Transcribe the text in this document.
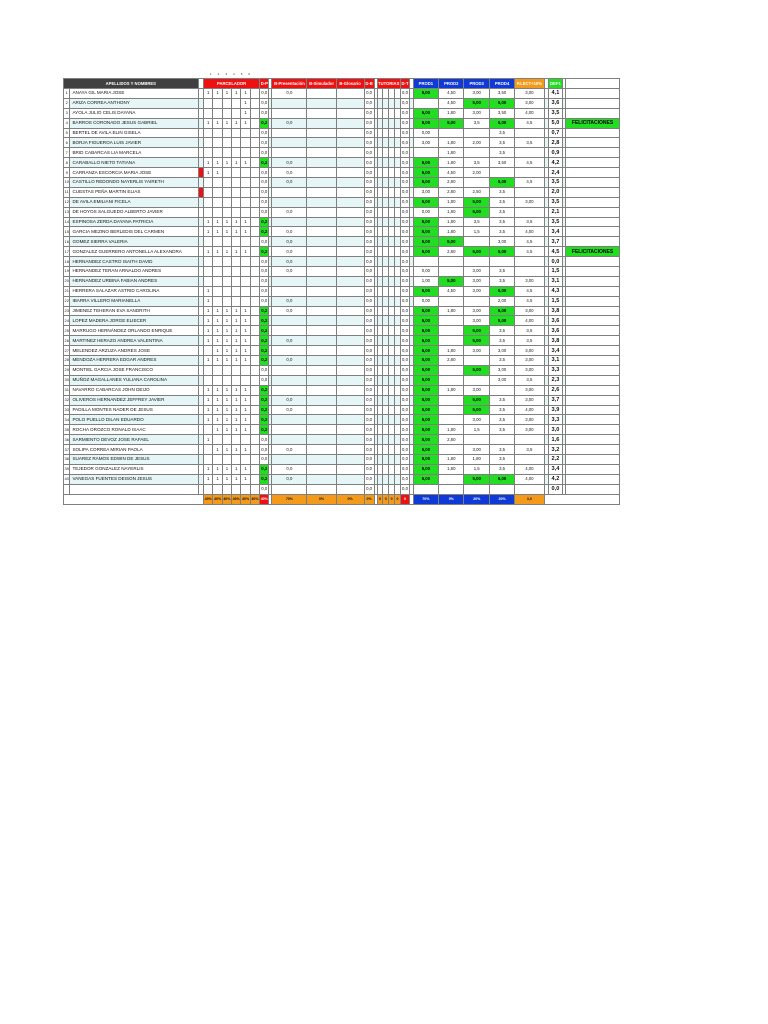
123456
APELLIDOS Y NOMBRES			PARCELADOR						D-P		B-Presentación	B-Simulador	B-Glosario	D-B		TUTORIAS				D-T		PROD1	PROD2	PROD3	PROD4	P.LECT+10%		DEF1		
1	ANAYA GIL MARIA JOSE		1	1	1	1	1		0,0		0,0			0,0						0,0		5,00	4,50	3,00	3,50	3,00		4,1		
2	ARIZA CORREA ANTHONY						1		0,0					0,0						0,0			4,50	5,00	5,00	3,00		3,6		
3	AYOLA JULIO CELIS DAYANA						1		0,0					0,0						0,0		5,00	1,80	3,00	3,50	4,00		3,5		
4	BARROS CORONADO JESUS GABRIEL		1	1	1	1	1		0,2		0,0			0,0						0,0		5,00	5,00	3,5	5,00	4,5		5,0		FELICITACIONES
5	BERTEL DE AVILA ELIN GISELA								0,0					0,0						0,0		0,00			3,5			0,7		
6	BORJA FIGUEROA LUIS JAVIER								0,0					0,0						0,0		3,00	1,80	2,00	3,5	3,5		2,8		
7	BRID CABARCAS LIA MARCELA								0,0					0,0						0,0			1,80		3,5			0,9		
8	CARABALLO NIETO TATIANA		1	1	1	1	1		0,2		0,0			0,0						0,0		5,00	1,80	3,5	3,50	4,5		4,2		
9	CARRANZA ESCORCIA MARIA JOSE		1	1					0,0		0,0			0,0						0,0		5,00	4,50	2,00				2,4		
10	CASTILLO REDONDO NAYERLIS YAIRETH								0,0		0,0			0,0						0,0		5,00	2,80		5,00	4,5		3,5		
11	CUESTAS PEÑA MARTIN ELIAS								0,0					0,0						0,0		3,00	2,80	2,50	3,5			2,0		
12	DE AVILA EMILIANI FICELA								0,0					0,0						0,0		5,00	1,80	5,00	3,5	3,00		3,5		
13	DE HOYOS SALGUEDO ALBERTO JAVIER								0,0		0,0			0,0						0,0		0,00	1,80	5,00	3,5			2,1		
14	ESPINOSA ZERDA DAYANA PATRICIA		1	1	1	1	1		0,2					0,0						0,0		5,00	1,80	3,5	3,5	3,5		3,5		
15	GARCIA MEZINO BERLEDIS DEL CARMEN		1	1	1	1	1		0,2		0,0			0,0						0,0		5,00	1,80	1,5	3,5	4,00		3,4		
16	GOMEZ SIERRA VALERIA								0,0		0,0			0,0						0,0		5,00	5,00		3,00	4,5		3,7		
17	GONZALEZ GUERRERO ANTONELLA ALEXANDRA		1	1	1	1	1		0,2		0,0			0,0						0,0		5,00	2,80	5,00	5,00	4,5		4,5		FELICITACIONES
18	HERNANDEZ CASTRO ISAITH DAVID								0,0		0,0			0,0						0,0								0,0		
19	HERNANDEZ TERAN ARNALDO ANDRES								0,0		0,0			0,0						0,0		0,00		3,00	3,5			1,5		
20	HERNANDEZ URBINA FABIAN ANDRES								0,0					0,0						0,0		1,00	5,00	3,00	3,5	3,00		3,1		
21	HERRERA SALAZAR ASTRID CAROLINA		1						0,0					0,0						0,0		5,00	4,50	3,00	5,00	4,5		4,3		
22	IBARRA VILLERO MARIANELLA		1						0,0		0,0			0,0						0,0		0,00			2,00	4,5		1,5		
23	JIMENEZ TEHERAN EVA SANDRITH		1	1	1	1	1		0,2		0,0			0,0						0,0		5,00	1,80	3,00	5,00	3,00		3,8		
24	LOPEZ MADERA JORGE ELIECER		1	1	1	1	1		0,2					0,0						0,0		5,00		3,00	5,00	4,00		3,6		
25	MARRUGO HERNÁNDEZ ORLANDO ENRIQUE		1	1	1	1	1		0,2					0,0						0,0		5,00		5,00	3,5	3,5		3,6		
26	MARTINEZ HERAZO ANDREA VALENTINA		1	1	1	1	1		0,2		0,0			0,0						0,0		5,00		5,00	3,5	3,5		3,8		
27	MELENDEZ ARZUZA ANDRES JOSE			1	1	1	1		0,2					0,0						0,0		5,00	1,80	3,00	3,00	3,00		3,4		
28	MENDOZA HERRERA EDGAR ANDRES		1	1	1	1	1		0,2		0,0			0,0						0,0		5,00	2,80		3,5	3,00		3,1		
29	MONTIEL GARCIA JOSE FRANCISCO								0,0					0,0						0,0		5,00		5,00	3,00	3,00		3,3		
30	MUÑOZ MAGALLANES YULIANA CAROLINA								0,0					0,0						0,0		5,00			3,00	3,5		2,3		
31	NAVARRO CABARCAS JOHN DEIJO		1	1	1	1	1		0,2					0,0						0,0		5,00	1,80	3,00		3,00		2,6		
32	OLIVEROS HERNANDEZ JEFFREY JAVIER		1	1	1	1	1		0,2		0,0			0,0						0,0		5,00		5,00	3,5	3,00		3,7		
33	PADILLA MONTES NADER DE JESUS		1	1	1	1	1		0,2		0,0			0,0						0,0		5,00		5,00	3,5	4,00		3,9		
34	POLO PUELLO DILAN EDUARDO		1	1	1	1	1		0,2					0,0						0,0		5,00		3,00	3,5	3,00		3,3		
35	ROCHA OROZCO RONALD ISAAC			1	1	1	1		0,2					0,0						0,0		5,00	1,80	1,5	3,5	3,00		3,0		
36	SARMIENTO DEVOZ JOSE RAFAEL		1						0,0					0,0						0,0		5,00	2,80					1,6		
37	SOLIPA CORREA MIRIAN PAOLA			1	1	1	1		0,0		0,0			0,0						0,0		5,00		3,00	3,5	3,5		3,2		
38	SUAREZ RAMOS EDWIN DE JESUS								0,0					0,0						0,0		5,00	1,80	1,80	3,5			2,2		
39	TEJEDOR GONZALEZ NAYERLIS		1	1	1	1	1		0,2		0,0			0,0						0,0		5,00	1,80	1,5	3,5	4,00		3,4		
40	VANEGAS FUENTES DEISON JESUS		1	1	1	1	1		0,2		0,0			0,0						0,0		5,00		5,00	5,00	4,00		4,2		
									0,0					0,0						0,0								0,0		
			40%	40%	40%	40%	40%	40%	40%		70%	0%	0%	0%		0	0	0	0	0		70%	0%	20%	20%	3,0				
